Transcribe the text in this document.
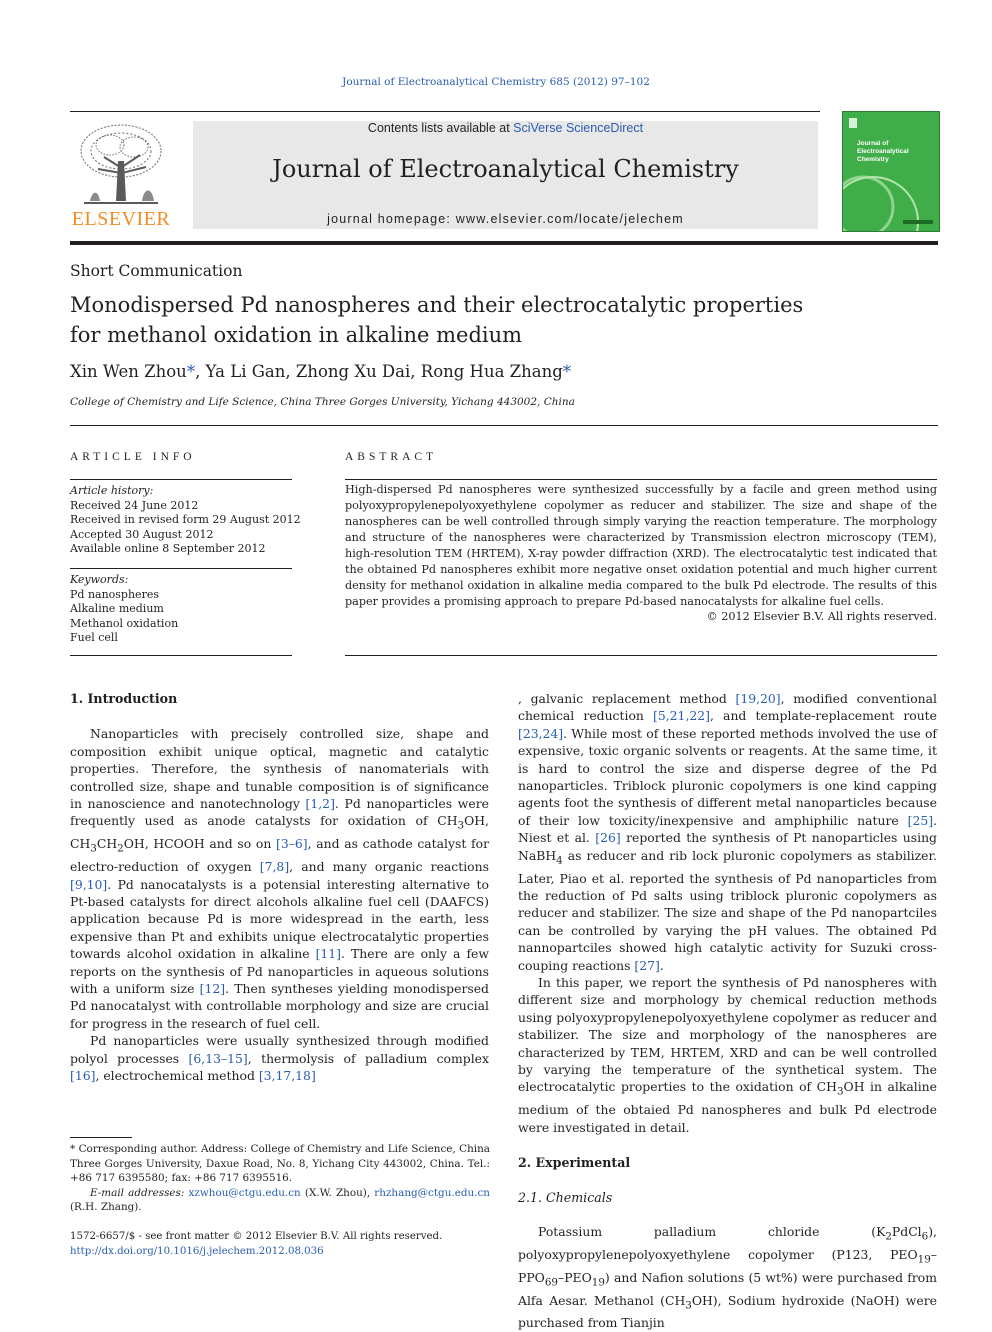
Journal of Electroanalytical Chemistry 685 (2012) 97–102
ELSEVIER
Contents lists available at SciVerse ScienceDirect
Journal of Electroanalytical Chemistry
journal homepage: www.elsevier.com/locate/jelechem
Journal of Electroanalytical Chemistry
Short Communication
Monodispersed Pd nanospheres and their electrocatalytic properties
for methanol oxidation in alkaline medium
Xin Wen Zhou*, Ya Li Gan, Zhong Xu Dai, Rong Hua Zhang*
College of Chemistry and Life Science, China Three Gorges University, Yichang 443002, China
ARTICLE INFO
Article history:
Received 24 June 2012
Received in revised form 29 August 2012
Accepted 30 August 2012
Available online 8 September 2012
Keywords:
Pd nanospheres
Alkaline medium
Methanol oxidation
Fuel cell
ABSTRACT
High-dispersed Pd nanospheres were synthesized successfully by a facile and green method using polyoxypropylenepolyoxyethylene copolymer as reducer and stabilizer. The size and shape of the nanospheres can be well controlled through simply varying the reaction temperature. The morphology and structure of the nanospheres were characterized by Transmission electron microscopy (TEM), high-resolution TEM (HRTEM), X-ray powder diffraction (XRD). The electrocatalytic test indicated that the obtained Pd nanospheres exhibit more negative onset oxidation potential and much higher current density for methanol oxidation in alkaline media compared to the bulk Pd electrode. The results of this paper provides a promising approach to prepare Pd-based nanocatalysts for alkaline fuel cells.
© 2012 Elsevier B.V. All rights reserved.
1. Introduction

Nanoparticles with precisely controlled size, shape and composition exhibit unique optical, magnetic and catalytic properties. Therefore, the synthesis of nanomaterials with controlled size, shape and tunable composition is of significance in nanoscience and nanotechnology [1,2]. Pd nanoparticles were frequently used as anode catalysts for oxidation of $CH_3OH$, $CH_3CH_2OH$, HCOOH and so on [3–6], and as cathode catalyst for electro-reduction of oxygen [7,8], and many organic reactions [9,10]. Pd nanocatalysts is a potensial interesting alternative to Pt-based catalysts for direct alcohols alkaline fuel cell (DAAFCS) application because Pd is more widespread in the earth, less expensive than Pt and exhibits unique electrocatalytic properties towards alcohol oxidation in alkaline [11]. There are only a few reports on the synthesis of Pd nanoparticles in aqueous solutions with a uniform size [12]. Then syntheses yielding monodispersed Pd nanocatalyst with controllable morphology and size are crucial for progress in the research of fuel cell.

Pd nanoparticles were usually synthesized through modified polyol processes [6,13–15], thermolysis of palladium complex [16], electrochemical method [3,17,18]

, galvanic replacement method [19,20], modified conventional chemical reduction [5,21,22], and template-replacement route [23,24]. While most of these reported methods involved the use of expensive, toxic organic solvents or reagents. At the same time, it is hard to control the size and disperse degree of the Pd nanoparticles. Triblock pluronic copolymers is one kind capping agents foot the synthesis of different metal nanoparticles because of their low toxicity/inexpensive and amphiphilic nature [25]. Niest et al. [26] reported the synthesis of Pt nanoparticles using NaBH$_4$ as reducer and rib lock pluronic copolymers as stabilizer. Later, Piao et al. reported the synthesis of Pd nanoparticles from the reduction of Pd salts using triblock pluronic copolymers as reducer and stabilizer. The size and shape of the Pd nanopartciles can be controlled by varying the pH values. The obtained Pd nannopartciles showed high catalytic activity for Suzuki cross-couping reactions [27].

In this paper, we report the synthesis of Pd nanospheres with different size and morphology by chemical reduction methods using polyoxypropylenepolyoxyethylene copolymer as reducer and stabilizer. The size and morphology of the nanospheres are characterized by TEM, HRTEM, XRD and can be well controlled by varying the temperature of the synthetical system. The electrocatalytic properties to the oxidation of $CH_3OH$ in alkaline medium of the obtaied Pd nanospheres and bulk Pd electrode were investigated in detail.

2. Experimental
2.1. Chemicals

Potassium palladium chloride $(K_2PdCl_6)$, polyoxypropylenepolyoxyethylene copolymer (P123, $PEO_{19}-PPO_{69}-PEO_{19}$) and Nafion solutions (5 wt%) were purchased from Alfa Aesar. Methanol $(CH_3OH)$, Sodium hydroxide (NaOH) were purchased from Tianjin

* Corresponding author. Address: College of Chemistry and Life Science, China Three Gorges University, Daxue Road, No. 8, Yichang City 443002, China. Tel.: +86 717 6395580; fax: +86 717 6395516.
E-mail addresses: xzwhou@ctgu.edu.cn (X.W. Zhou), rhzhang@ctgu.edu.cn (R.H. Zhang).
1572-6657/$ - see front matter © 2012 Elsevier B.V. All rights reserved.
http://dx.doi.org/10.1016/j.jelechem.2012.08.036
